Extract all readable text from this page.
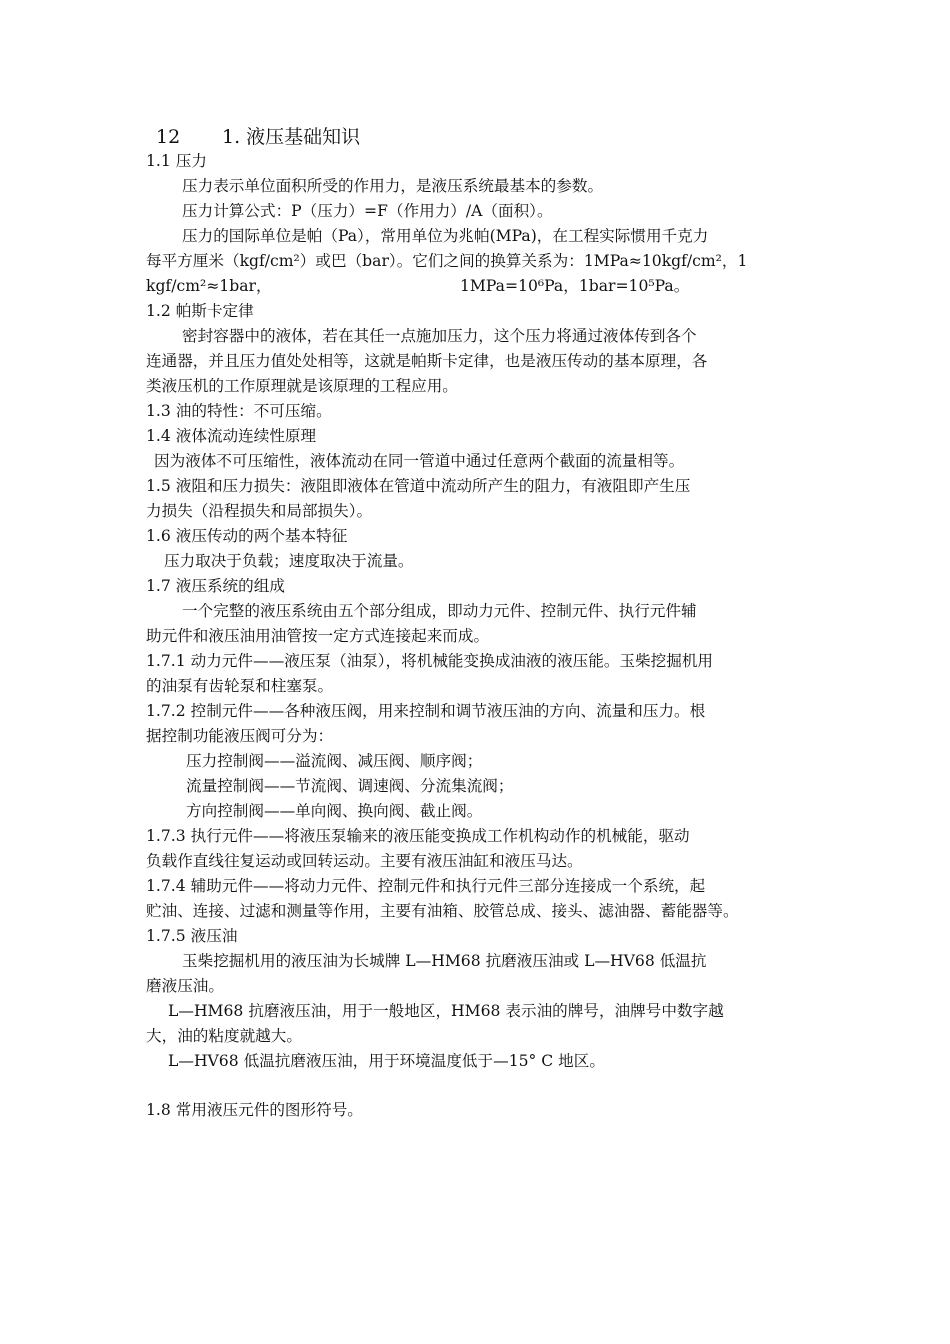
12 1. 液压基础知识
1.1 压力
压力表示单位面积所受的作用力，是液压系统最基本的参数。
压力计算公式：P（压力）=F（作用力）/A（面积）。
压力的国际单位是帕（Pa），常用单位为兆帕(MPa)，在工程实际惯用千克力
每平方厘米（kgf/cm²）或巴（bar）。它们之间的换算关系为：1MPa≈10kgf/cm²，1
kgf/cm²≈1bar，	1MPa=10⁶Pa，1bar=10⁵Pa。
1.2 帕斯卡定律
密封容器中的液体，若在其任一点施加压力，这个压力将通过液体传到各个
连通器，并且压力值处处相等，这就是帕斯卡定律，也是液压传动的基本原理，各
类液压机的工作原理就是该原理的工程应用。
1.3 油的特性：不可压缩。
1.4 液体流动连续性原理
因为液体不可压缩性，液体流动在同一管道中通过任意两个截面的流量相等。
1.5 液阻和压力损失：液阻即液体在管道中流动所产生的阻力，有液阻即产生压
力损失（沿程损失和局部损失）。
1.6 液压传动的两个基本特征
压力取决于负载；速度取决于流量。
1.7 液压系统的组成
一个完整的液压系统由五个部分组成，即动力元件、控制元件、执行元件辅
助元件和液压油用油管按一定方式连接起来而成。
1.7.1 动力元件——液压泵（油泵），将机械能变换成油液的液压能。玉柴挖掘机用
的油泵有齿轮泵和柱塞泵。
1.7.2 控制元件——各种液压阀，用来控制和调节液压油的方向、流量和压力。根
据控制功能液压阀可分为：
压力控制阀——溢流阀、减压阀、顺序阀；
流量控制阀——节流阀、调速阀、分流集流阀；
方向控制阀——单向阀、换向阀、截止阀。
1.7.3 执行元件——将液压泵输来的液压能变换成工作机构动作的机械能，驱动
负载作直线往复运动或回转运动。主要有液压油缸和液压马达。
1.7.4 辅助元件——将动力元件、控制元件和执行元件三部分连接成一个系统，起
贮油、连接、过滤和测量等作用，主要有油箱、胶管总成、接头、滤油器、蓄能器等。
1.7.5 液压油
玉柴挖掘机用的液压油为长城牌 L—HM68 抗磨液压油或 L—HV68 低温抗
磨液压油。
L—HM68 抗磨液压油，用于一般地区，HM68 表示油的牌号，油牌号中数字越
大，油的粘度就越大。
L—HV68 低温抗磨液压油，用于环境温度低于—15° C 地区。
1.8 常用液压元件的图形符号。
